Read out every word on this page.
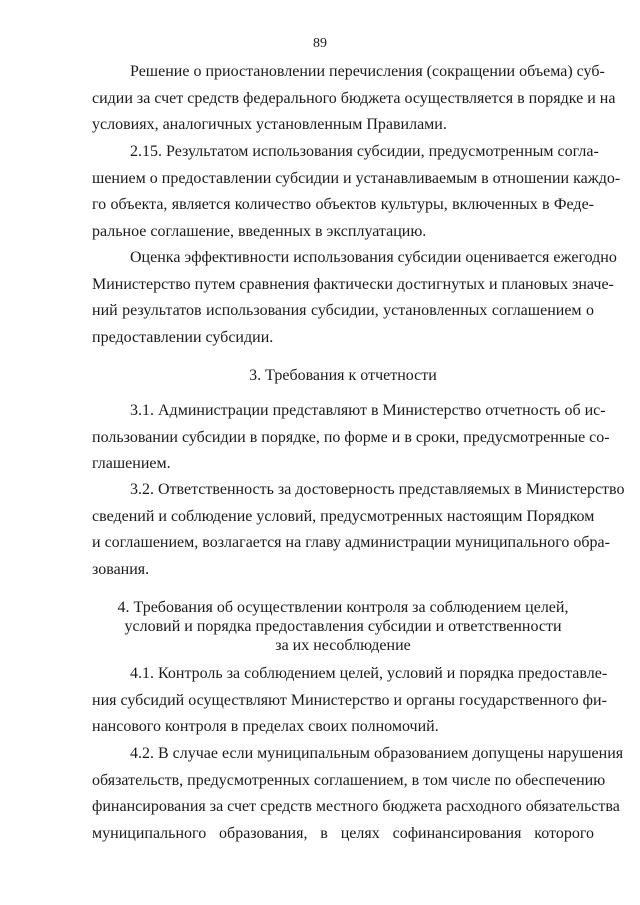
89
Решение о приостановлении перечисления (сокращении объема) суб-
сидии за счет средств федерального бюджета осуществляется в порядке и на
условиях, аналогичных установленным Правилами.
2.15. Результатом использования субсидии, предусмотренным согла-
шением о предоставлении субсидии и устанавливаемым в отношении каждо-
го объекта, является количество объектов культуры, включенных в Феде-
ральное соглашение, введенных в эксплуатацию.
Оценка эффективности использования субсидии оценивается ежегодно
Министерство путем сравнения фактически достигнутых и плановых значе-
ний результатов использования субсидии, установленных соглашением о
предоставлении субсидии.
3. Требования к отчетности
3.1. Администрации представляют в Министерство отчетность об ис-
пользовании субсидии в порядке, по форме и в сроки, предусмотренные со-
глашением.
3.2. Ответственность за достоверность представляемых в Министерство
сведений и соблюдение условий, предусмотренных настоящим Порядком
и соглашением, возлагается на главу администрации муниципального обра-
зования.
4. Требования об осуществлении контроля за соблюдением целей,
условий и порядка предоставления субсидии и ответственности
за их несоблюдение
4.1. Контроль за соблюдением целей, условий и порядка предоставле-
ния субсидий осуществляют Министерство и органы государственного фи-
нансового контроля в пределах своих полномочий.
4.2. В случае если муниципальным образованием допущены нарушения
обязательств, предусмотренных соглашением, в том числе по обеспечению
финансирования за счет средств местного бюджета расходного обязательства
муниципального образования, в целях софинансирования которого
